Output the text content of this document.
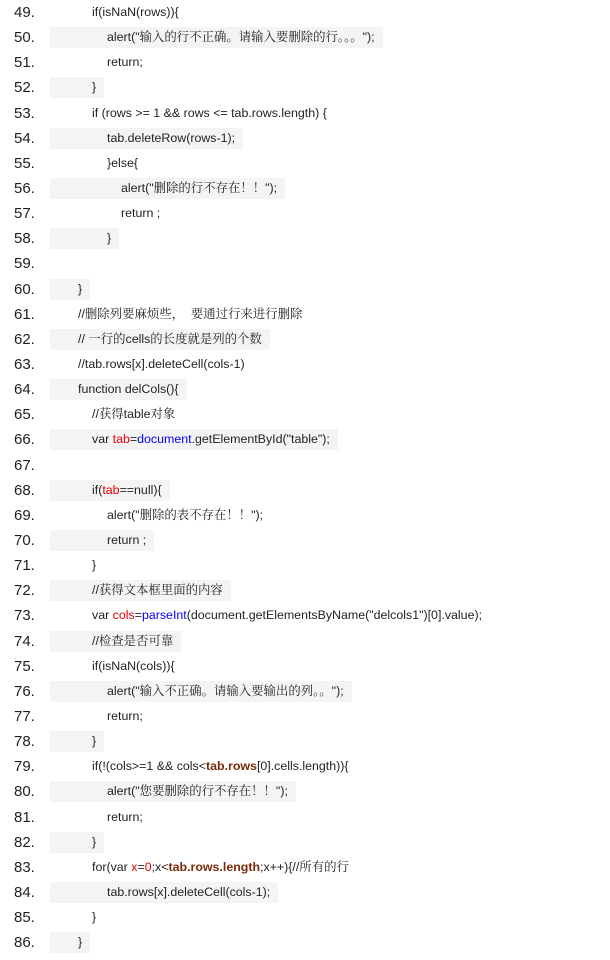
49.	if(isNaN(rows)){
50.	alert("输入的行不正确。请输入要删除的行。。。");
51.	return;
52.	}
53.	if (rows >= 1 && rows <= tab.rows.length) {
54.	tab.deleteRow(rows-1);
55.	}else{
56.	alert("删除的行不存在！！");
57.	return ;
58.	}
59.
60.	}
61.	//删除列要麻烦些，  要通过行来进行删除
62.	// 一行的cells的长度就是列的个数
63.	//tab.rows[x].deleteCell(cols-1)
64.	function delCols(){
65.	//获得table对象
66.	var tab=document.getElementById("table");
67.
68.	if(tab==null){
69.	alert("删除的表不存在！！");
70.	return ;
71.	}
72.	//获得文本框里面的内容
73.	var cols=parseInt(document.getElementsByName("delcols1")[0].value);
74.	//检查是否可靠
75.	if(isNaN(cols)){
76.	alert("输入不正确。请输入要输出的列。。");
77.	return;
78.	}
79.	if(!(cols>=1 && cols<tab.rows[0].cells.length)){
80.	alert("您要删除的行不存在！！");
81.	return;
82.	}
83.	for(var x=0;x<tab.rows.length;x++){//所有的行
84.	tab.rows[x].deleteCell(cols-1);
85.	}
86.	}
